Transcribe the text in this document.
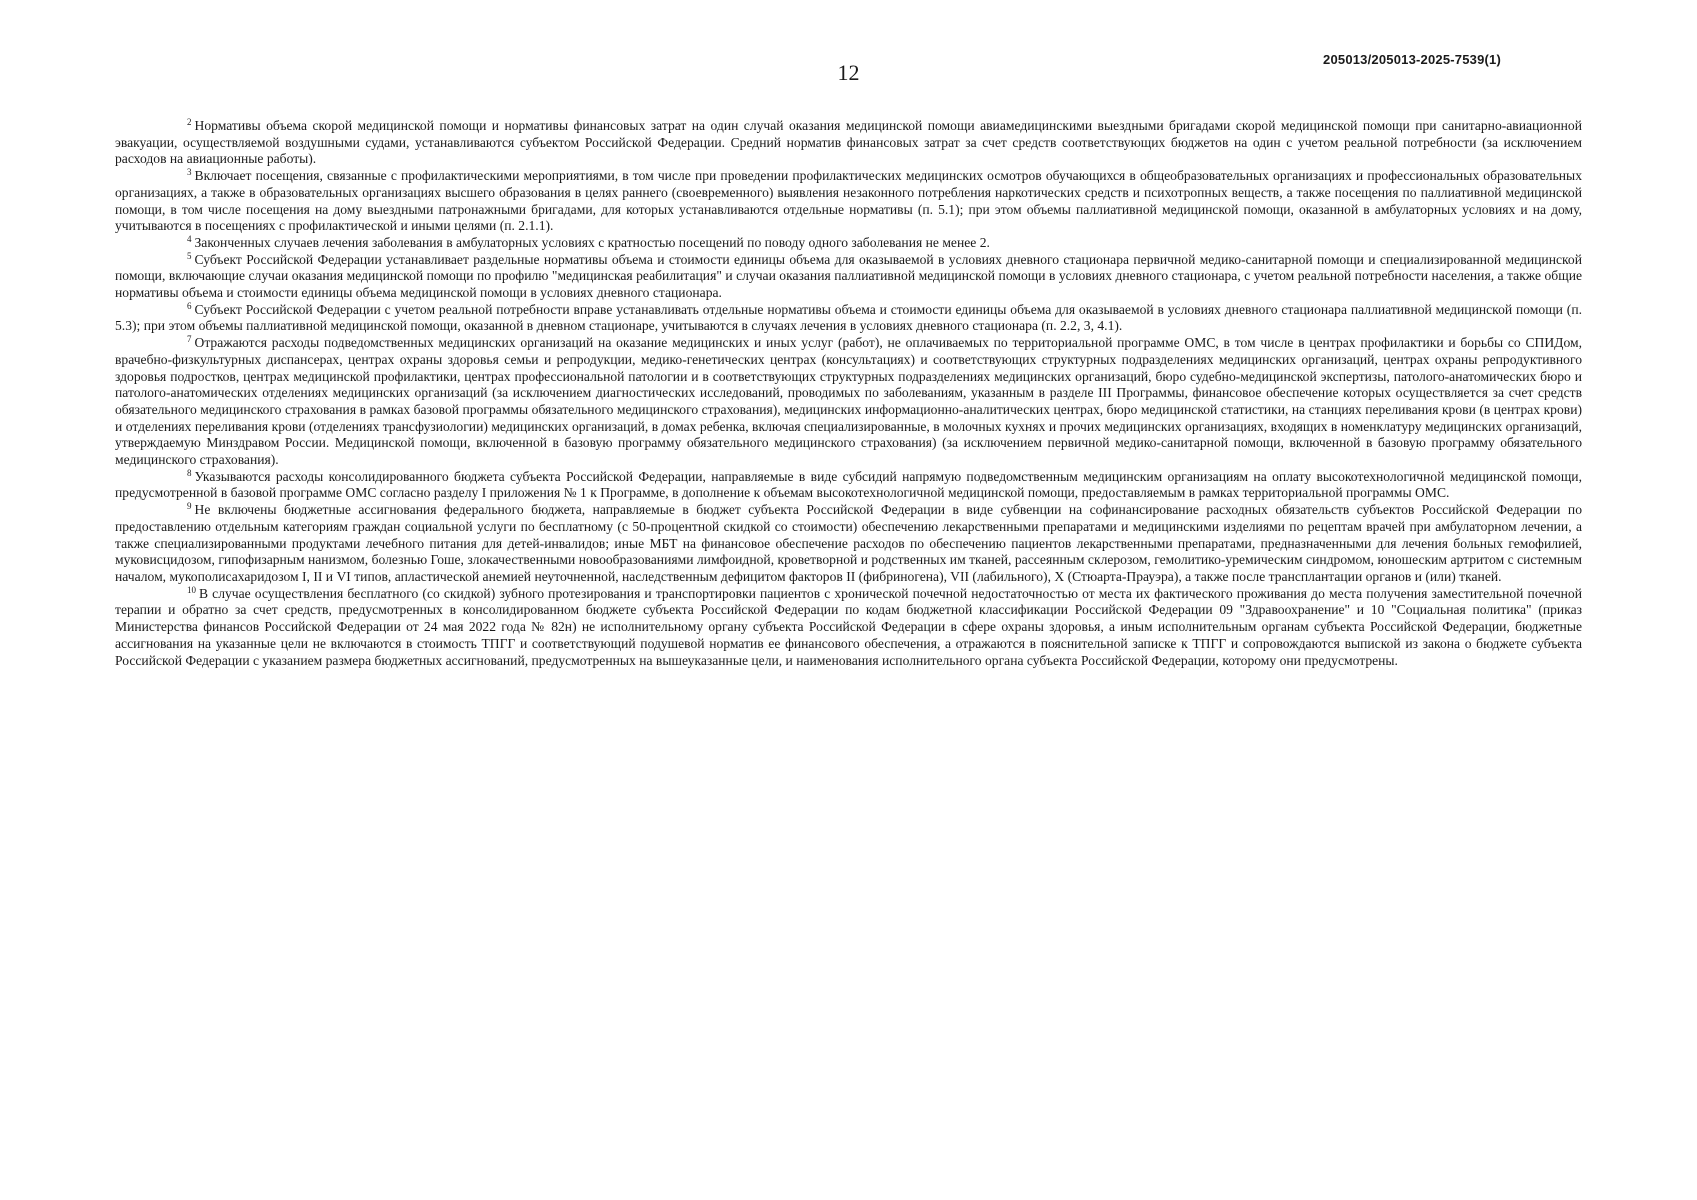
12
205013/205013-2025-7539(1)

$^2$ Нормативы объема скорой медицинской помощи и нормативы финансовых затрат на один случай оказания медицинской помощи авиамедицинскими выездными бригадами скорой медицинской помощи при санитарно-авиационной эвакуации, осуществляемой воздушными судами, устанавливаются субъектом Российской Федерации. Средний норматив финансовых затрат за счет средств соответствующих бюджетов на один с учетом реальной потребности (за исключением расходов на авиационные работы).

$^3$ Включает посещения, связанные с профилактическими мероприятиями, в том числе при проведении профилактических медицинских осмотров обучающихся в общеобразовательных организациях и профессиональных образовательных организациях, а также в образовательных организациях высшего образования в целях раннего (своевременного) выявления незаконного потребления наркотических средств и психотропных веществ, а также посещения по паллиативной медицинской помощи, в том числе посещения на дому выездными патронажными бригадами, для которых устанавливаются отдельные нормативы (п. 5.1); при этом объемы паллиативной медицинской помощи, оказанной в амбулаторных условиях и на дому, учитываются в посещениях с профилактической и иными целями (п. 2.1.1).

$^4$ Законченных случаев лечения заболевания в амбулаторных условиях с кратностью посещений по поводу одного заболевания не менее 2.

$^5$ Субъект Российской Федерации устанавливает раздельные нормативы объема и стоимости единицы объема для оказываемой в условиях дневного стационара первичной медико-санитарной помощи и специализированной медицинской помощи, включающие случаи оказания медицинской помощи по профилю "медицинская реабилитация" и случаи оказания паллиативной медицинской помощи в условиях дневного стационара, с учетом реальной потребности населения, а также общие нормативы объема и стоимости единицы объема медицинской помощи в условиях дневного стационара.

$^6$ Субъект Российской Федерации с учетом реальной потребности вправе устанавливать отдельные нормативы объема и стоимости единицы объема для оказываемой в условиях дневного стационара паллиативной медицинской помощи (п. 5.3); при этом объемы паллиативной медицинской помощи, оказанной в дневном стационаре, учитываются в случаях лечения в условиях дневного стационара (п. 2.2, 3, 4.1).

$^7$ Отражаются расходы подведомственных медицинских организаций на оказание медицинских и иных услуг (работ), не оплачиваемых по территориальной программе ОМС, в том числе в центрах профилактики и борьбы со СПИДом, врачебно-физкультурных диспансерах, центрах охраны здоровья семьи и репродукции, медико-генетических центрах (консультациях) и соответствующих структурных подразделениях медицинских организаций, центрах охраны репродуктивного здоровья подростков, центрах медицинской профилактики, центрах профессиональной патологии и в соответствующих структурных подразделениях медицинских организаций, бюро судебно-медицинской экспертизы, патолого-анатомических бюро и патолого-анатомических отделениях медицинских организаций (за исключением диагностических исследований, проводимых по заболеваниям, указанным в разделе III Программы, финансовое обеспечение которых осуществляется за счет средств обязательного медицинского страхования в рамках базовой программы обязательного медицинского страхования), медицинских информационно-аналитических центрах, бюро медицинской статистики, на станциях переливания крови (в центрах крови) и отделениях переливания крови (отделениях трансфузиологии) медицинских организаций, в домах ребенка, включая специализированные, в молочных кухнях и прочих медицинских организациях, входящих в номенклатуру медицинских организаций, утверждаемую Минздравом России. Медицинской помощи, включенной в базовую программу обязательного медицинского страхования) (за исключением первичной медико-санитарной помощи, включенной в базовую программу обязательного медицинского страхования).

$^8$ Указываются расходы консолидированного бюджета субъекта Российской Федерации, направляемые в виде субсидий напрямую подведомственным медицинским организациям на оплату высокотехнологичной медицинской помощи, предусмотренной в базовой программе ОМС согласно разделу I приложения № 1 к Программе, в дополнение к объемам высокотехнологичной медицинской помощи, предоставляемым в рамках территориальной программы ОМС.

$^9$ Не включены бюджетные ассигнования федерального бюджета, направляемые в бюджет субъекта Российской Федерации в виде субвенции на софинансирование расходных обязательств субъектов Российской Федерации по предоставлению отдельным категориям граждан социальной услуги по бесплатному (с 50-процентной скидкой со стоимости) обеспечению лекарственными препаратами и медицинскими изделиями по рецептам врачей при амбулаторном лечении, а также специализированными продуктами лечебного питания для детей-инвалидов; иные МБТ на финансовое обеспечение расходов по обеспечению пациентов лекарственными препаратами, предназначенными для лечения больных гемофилией, муковисцидозом, гипофизарным нанизмом, болезнью Гоше, злокачественными новообразованиями лимфоидной, кроветворной и родственных им тканей, рассеянным склерозом, гемолитико-уремическим синдромом, юношеским артритом с системным началом, мукополисахаридозом I, II и VI типов, апластической анемией неуточненной, наследственным дефицитом факторов II (фибриногена), VII (лабильного), X (Стюарта-Прауэра), а также после трансплантации органов и (или) тканей.

$^{10}$ В случае осуществления бесплатного (со скидкой) зубного протезирования и транспортировки пациентов с хронической почечной недостаточностью от места их фактического проживания до места получения заместительной почечной терапии и обратно за счет средств, предусмотренных в консолидированном бюджете субъекта Российской Федерации по кодам бюджетной классификации Российской Федерации 09 "Здравоохранение" и 10 "Социальная политика" (приказ Министерства финансов Российской Федерации от 24 мая 2022 года № 82н) не исполнительному органу субъекта Российской Федерации в сфере охраны здоровья, а иным исполнительным органам субъекта Российской Федерации, бюджетные ассигнования на указанные цели не включаются в стоимость ТПГГ и соответствующий подушевой норматив ее финансового обеспечения, а отражаются в пояснительной записке к ТПГГ и сопровождаются выпиской из закона о бюджете субъекта Российской Федерации с указанием размера бюджетных ассигнований, предусмотренных на вышеуказанные цели, и наименования исполнительного органа субъекта Российской Федерации, которому они предусмотрены.
